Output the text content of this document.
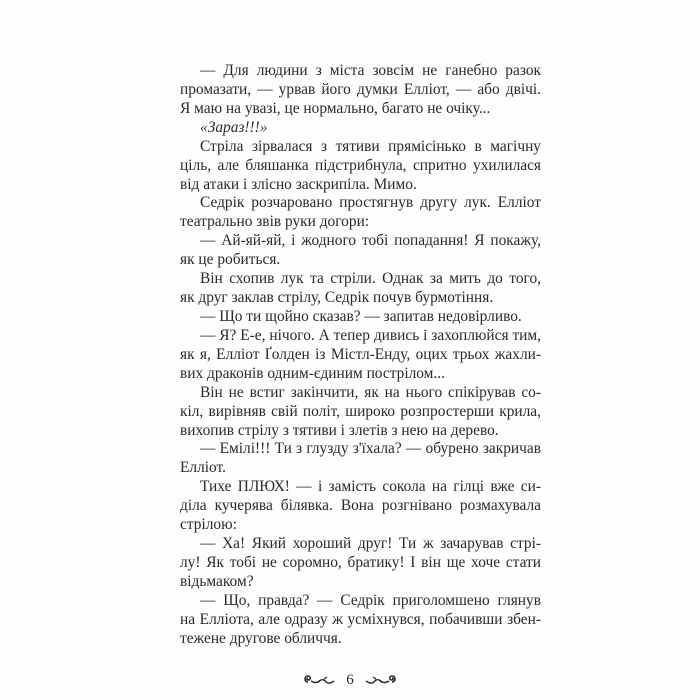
— Для людини з міста зовсім не ганебно разок
промазати, — урвав його думки Елліот, — або двічі.
Я маю на увазі, це нормально, багато не очіку...
«Зараз!!!»
Стріла зірвалася з тятиви прямісінько в магічну
ціль, але бляшанка підстрибнула, спритно ухилилася
від атаки і злісно заскрипіла. Мимо.
Седрік розчаровано простягнув другу лук. Елліот
театрально звів руки догори:
— Ай-яй-яй, і жодного тобі попадання! Я покажу,
як це робиться.
Він схопив лук та стріли. Однак за мить до того,
як друг заклав стрілу, Седрік почув бурмотіння.
— Що ти щойно сказав? — запитав недовірливо.
— Я? Е-е, нічого. А тепер дивись і захоплюйся тим,
як я, Елліот Ґолден із Містл-Енду, оцих трьох жахли-
вих драконів одним-єдиним пострілом...
Він не встиг закінчити, як на нього спікірував со-
кіл, вирівняв свій політ, широко розпростерши крила,
вихопив стрілу з тятиви і злетів з нею на дерево.
— Емілі!!! Ти з глузду з'їхала? — обурено закричав
Елліот.
Тихе ПЛЮХ! — і замість сокола на гілці вже си-
діла кучерява білявка. Вона розгнівано розмахувала
стрілою:
— Ха! Який хороший друг! Ти ж зачарував стрі-
лу! Як тобі не соромно, братику! І він ще хоче стати
відьмаком?
— Що, правда? — Седрік приголомшено глянув
на Елліота, але одразу ж усміхнувся, побачивши збен-
тежене другове обличчя.
6
